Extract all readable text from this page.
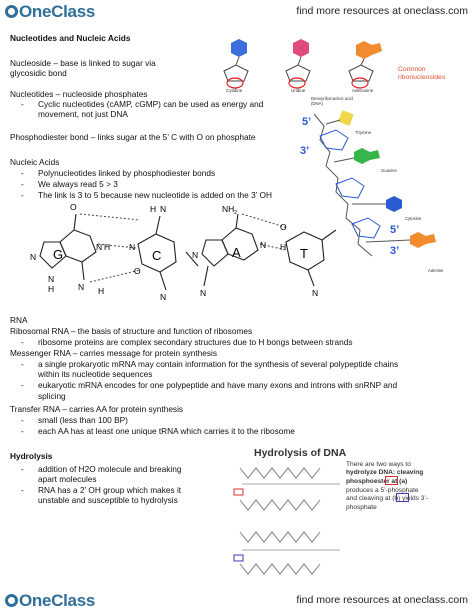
OneClass	find more resources at oneclass.com
Nucleotides and Nucleic Acids
Nucleoside – base is linked to sugar via
glycosidic bond
Nucleotides – nucleoside phosphates
- Cyclic nucleotides (cAMP, cGMP) can be used as energy and
movement, not just DNA
Phosphodiester bond – links sugar at the 5’ C with O on phosphate
Nucleic Acids
- Polynucleotides linked by phosphodiester bonds
- We always read 5 > 3
- The link is 3 to 5 because new nucleotide is added on the 3’ OH
Cytidine	Uridine	Adenosine
Common
ribonucleosides
Deoxyribonucleic acid
(DNA)
5’
3’
5’
3’
Thymine
Guanine
Cytosine
Adenine
G	C	A	T
O
N
N H
N H
H N
N
O
N
N
H
NH 2
N
N
N
O
H
N
RNA
Ribosomal RNA – the basis of structure and function of ribosomes
- ribosome proteins are complex secondary structures due to H bongs between strands
Messenger RNA – carries message for protein synthesis
- a single prokaryotic mRNA may contain information for the synthesis of several polypeptide chains
within its nucleotide sequences
- eukaryotic mRNA encodes for one polypeptide and have many exons and introns with snRNP and
splicing
Transfer RNA – carries AA for protein synthesis
- small (less than 100 BP)
- each AA has at least one unique tRNA which carries it to the ribosome
Hydrolysis
- addition of H2O molecule and breaking
apart molecules
- RNA has a 2’ OH group which makes it
unstable and susceptible to hydrolysis
Hydrolysis of DNA
There are two ways to
hydrolyze DNA: cleaving
phosphoester at (a)
produces a 5’-phosphate
and cleaving at (b) yields 3’-
phosphate
OneClass	find more resources at oneclass.com
